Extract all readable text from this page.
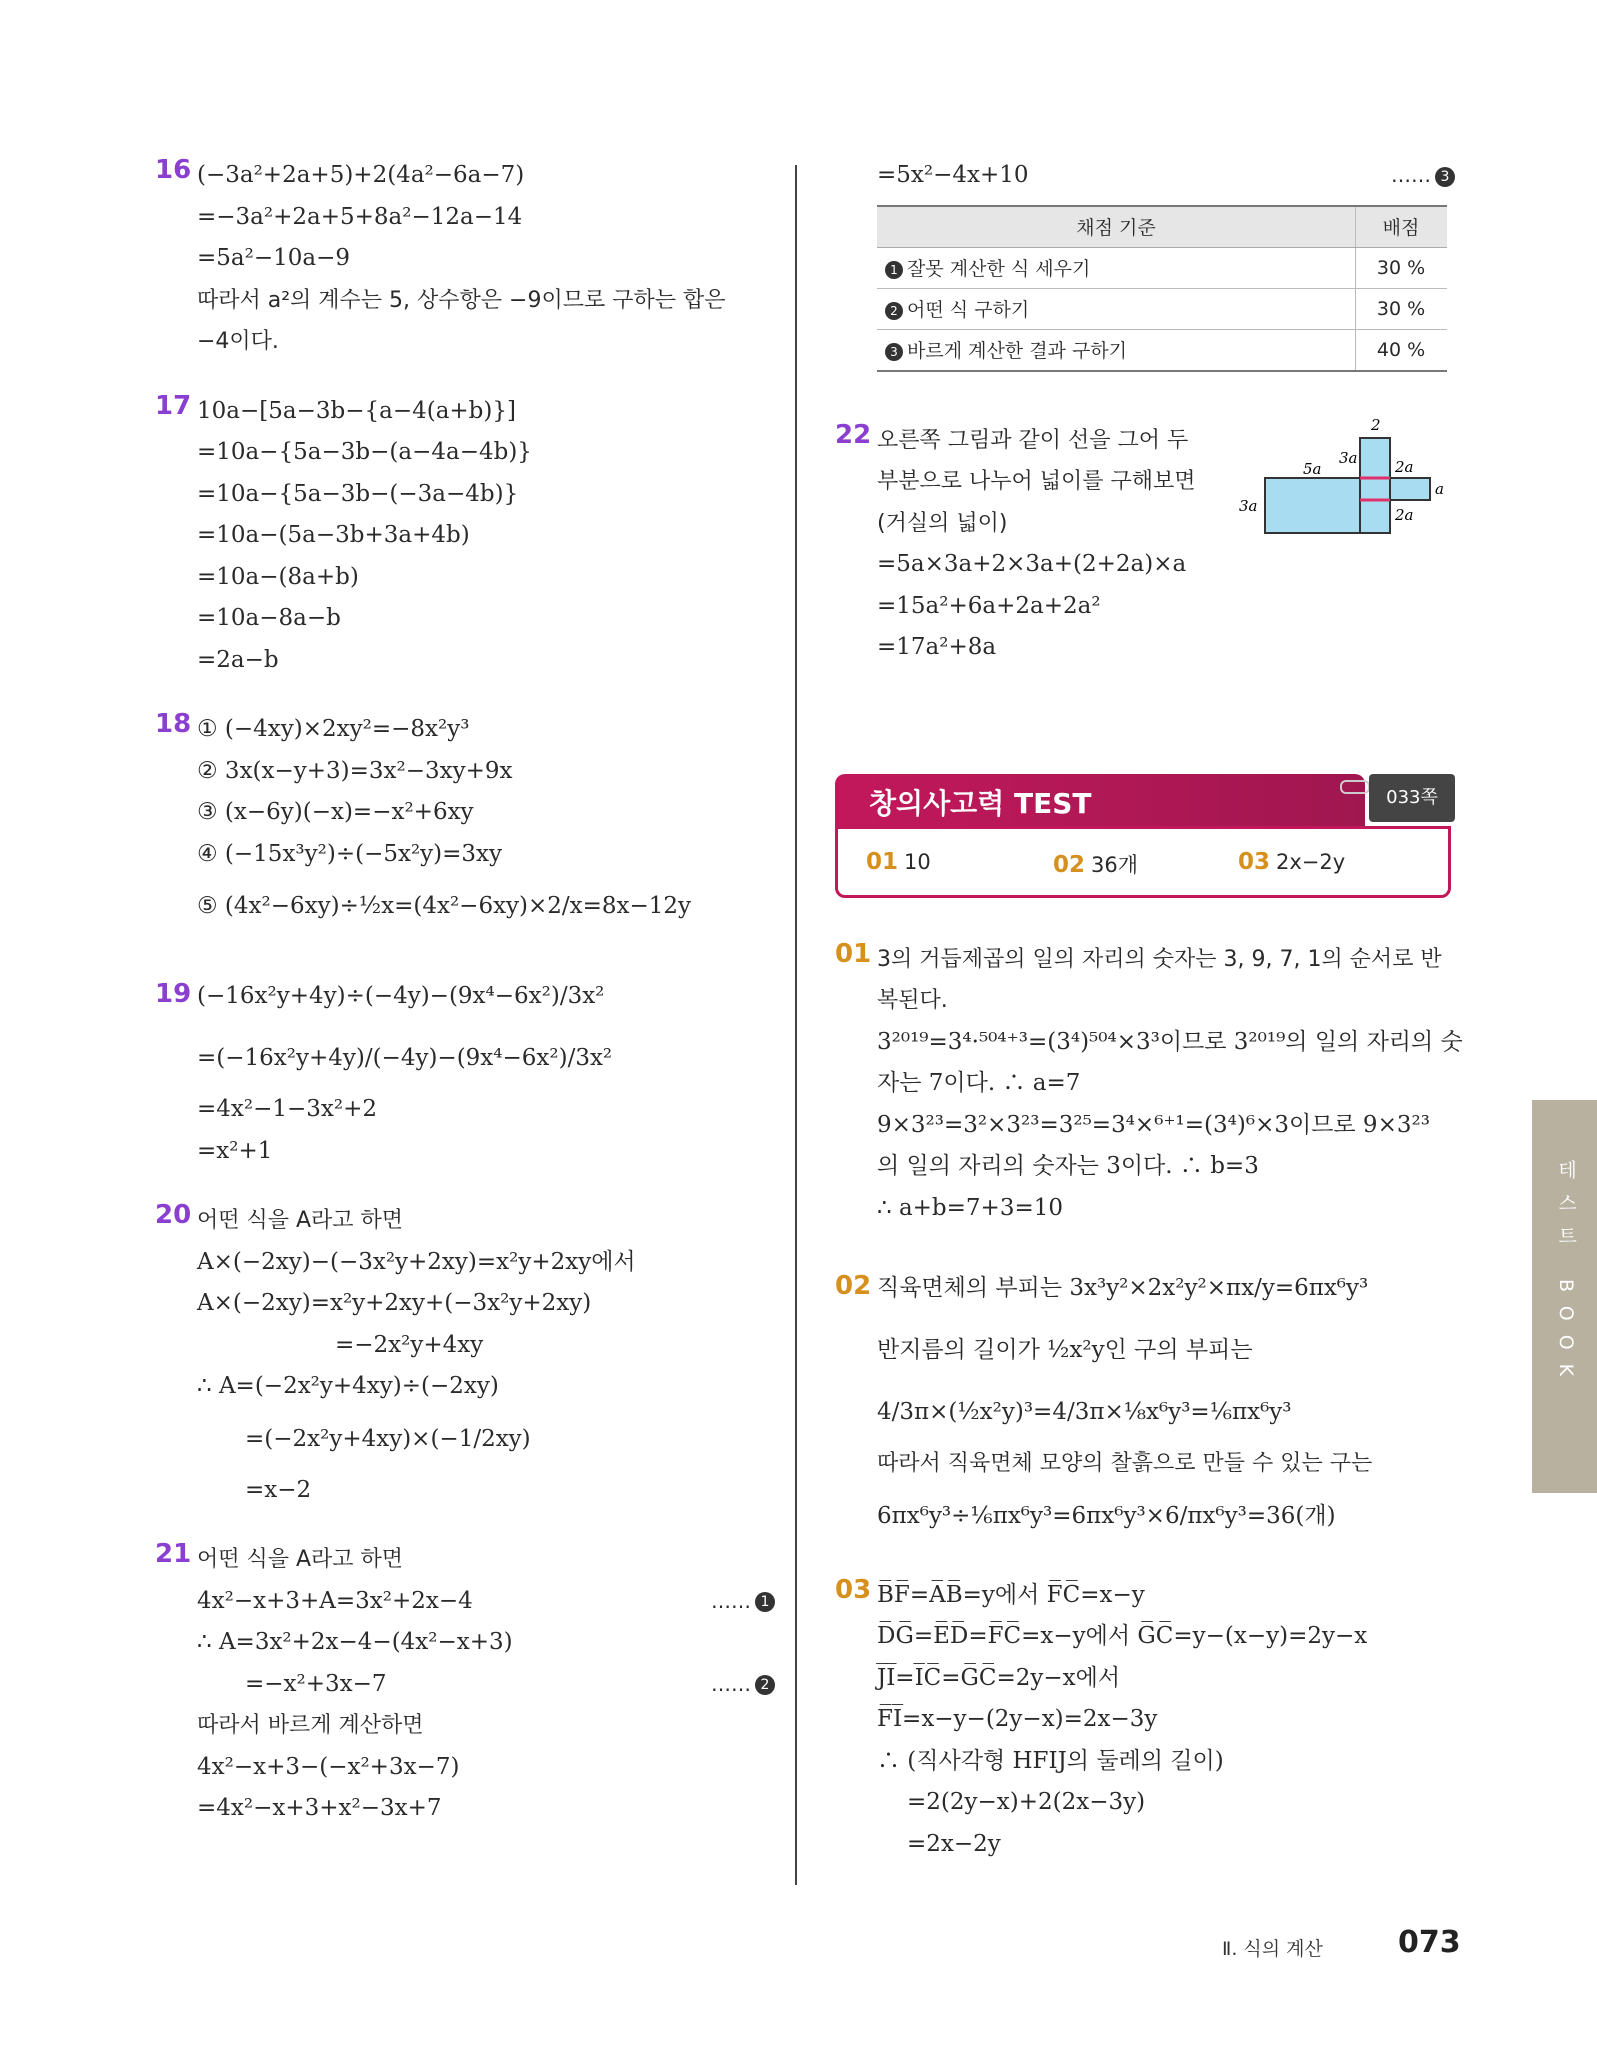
16 (−3a²+2a+5)+2(4a²−6a−7)
=−3a²+2a+5+8a²−12a−14
=5a²−10a−9
따라서 a²의 계수는 5, 상수항은 −9이므로 구하는 합은
−4이다.
17 10a−[5a−3b−{a−4(a+b)}]
=10a−{5a−3b−(a−4a−4b)}
=10a−{5a−3b−(−3a−4b)}
=10a−(5a−3b+3a+4b)
=10a−(8a+b)
=10a−8a−b
=2a−b
18 ① (−4xy)×2xy²=−8x²y³
② 3x(x−y+3)=3x²−3xy+9x
③ (x−6y)(−x)=−x²+6xy
④ (−15x³y²)÷(−5x²y)=3xy
⑤ (4x²−6xy)÷½x=(4x²−6xy)×2/x=8x−12y
19 (−16x²y+4y)÷(−4y)−(9x⁴−6x²)/3x²
=(−16x²y+4y)/(−4y)−(9x⁴−6x²)/3x²
=4x²−1−3x²+2
=x²+1
20 어떤 식을 A라고 하면
A×(−2xy)−(−3x²y+2xy)=x²y+2xy에서
A×(−2xy)=x²y+2xy+(−3x²y+2xy)
=−2x²y+4xy
∴ A=(−2x²y+4xy)÷(−2xy)
=(−2x²y+4xy)×(−1/2xy)
=x−2
21 어떤 식을 A라고 하면
4x²−x+3+A=3x²+2x−4	…… 1
∴ A=3x²+2x−4−(4x²−x+3)
=−x²+3x−7	…… 2
따라서 바르게 계산하면
4x²−x+3−(−x²+3x−7)
=4x²−x+3+x²−3x+7
=5x²−4x+10	…… 3
채점 기준	배점
1 잘못 계산한 식 세우기	30 %
2 어떤 식 구하기	30 %
3 바르게 계산한 결과 구하기	40 %
22 오른쪽 그림과 같이 선을 그어 두
부분으로 나누어 넓이를 구해보면
(거실의 넓이)
=5a×3a+2×3a+(2+2a)×a
=15a²+6a+2a+2a²
=17a²+8a
2
3a
5a	2a
a
3a	2a
창의사고력 TEST	033쪽
01 10	02 36개	03 2x−2y
01 3의 거듭제곱의 일의 자리의 숫자는 3, 9, 7, 1의 순서로 반
복된다.
3²⁰¹⁹=3⁴·⁵⁰⁴⁺³=(3⁴)⁵⁰⁴×3³이므로 3²⁰¹⁹의 일의 자리의 숫
자는 7이다. ∴ a=7
9×3²³=3²×3²³=3²⁵=3⁴×⁶⁺¹=(3⁴)⁶×3이므로 9×3²³
의 일의 자리의 숫자는 3이다. ∴ b=3
∴ a+b=7+3=10
02 직육면체의 부피는 3x³y²×2x²y²×πx/y=6πx⁶y³
반지름의 길이가 ½x²y인 구의 부피는
4/3π×(½x²y)³=4/3π×⅛x⁶y³=⅙πx⁶y³
따라서 직육면체 모양의 찰흙으로 만들 수 있는 구는
6πx⁶y³÷⅙πx⁶y³=6πx⁶y³×6/πx⁶y³=36(개)
03 B̅F̅=A̅B̅=y에서 F̅C̅=x−y
D̅G̅=E̅D̅=F̅C̅=x−y에서 G̅C̅=y−(x−y)=2y−x
J̅I̅=I̅C̅=G̅C̅=2y−x에서
F̅I̅=x−y−(2y−x)=2x−3y
∴ (직사각형 HFIJ의 둘레의 길이)
=2(2y−x)+2(2x−3y)
=2x−2y
테스트 BOOK
Ⅱ. 식의 계산	073
